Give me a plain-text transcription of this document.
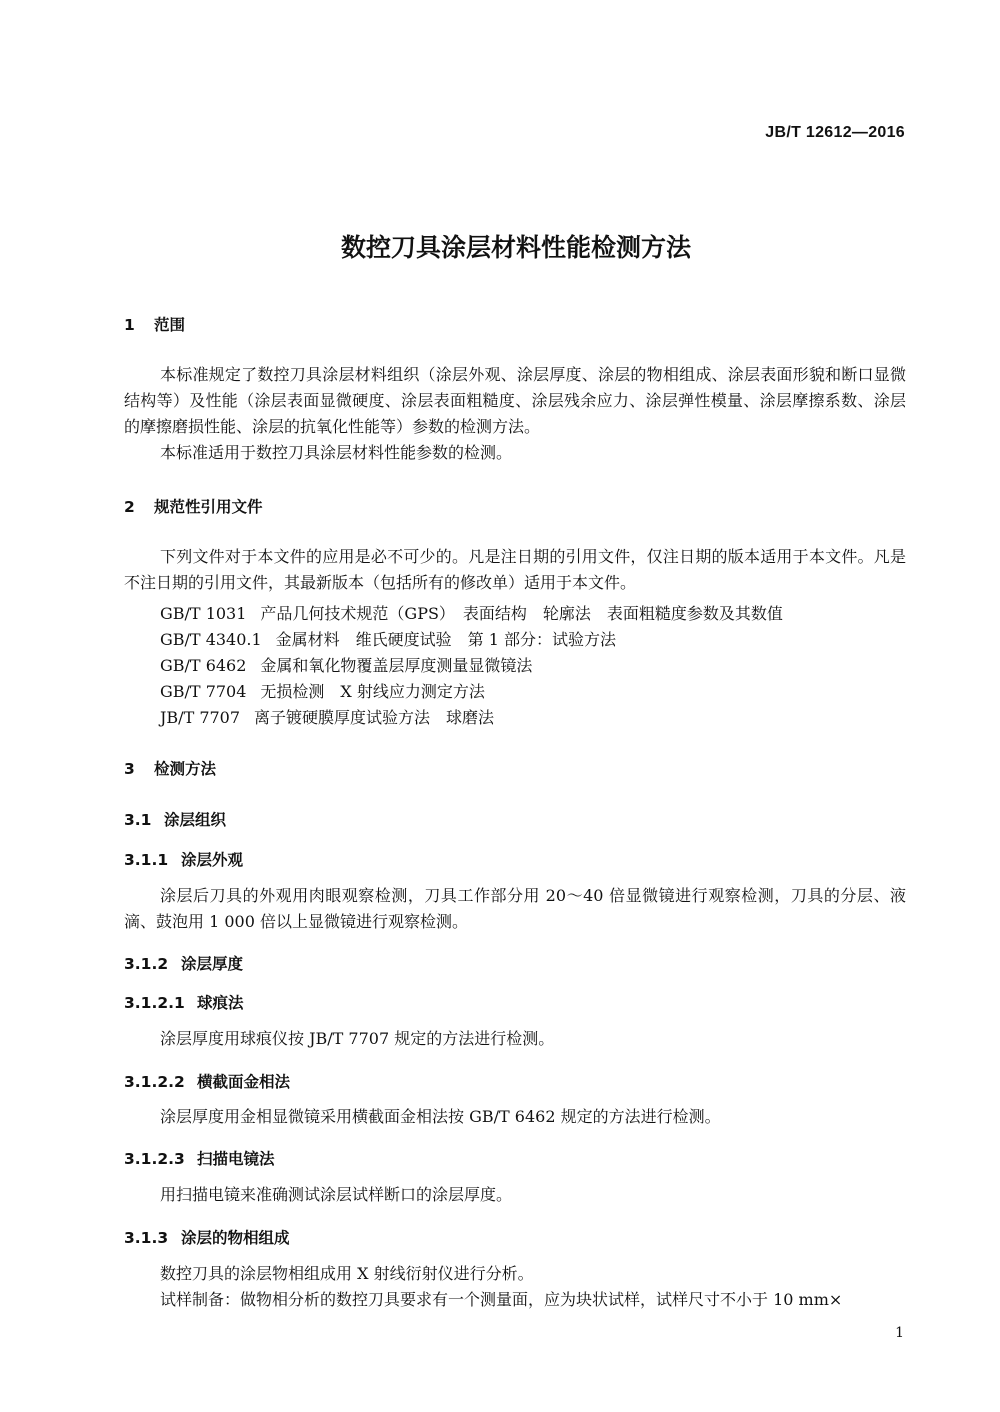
JB/T 12612—2016
数控刀具涂层材料性能检测方法
1 范围
本标准规定了数控刀具涂层材料组织（涂层外观、涂层厚度、涂层的物相组成、涂层表面形貌和断口显微结构等）及性能（涂层表面显微硬度、涂层表面粗糙度、涂层残余应力、涂层弹性模量、涂层摩擦系数、涂层的摩擦磨损性能、涂层的抗氧化性能等）参数的检测方法。
本标准适用于数控刀具涂层材料性能参数的检测。
2 规范性引用文件
下列文件对于本文件的应用是必不可少的。凡是注日期的引用文件，仅注日期的版本适用于本文件。凡是不注日期的引用文件，其最新版本（包括所有的修改单）适用于本文件。
GB/T 1031 产品几何技术规范（GPS）　表面结构　轮廓法　表面粗糙度参数及其数值
GB/T 4340.1 金属材料　维氏硬度试验　第 1 部分：试验方法
GB/T 6462 金属和氧化物覆盖层厚度测量显微镜法
GB/T 7704 无损检测　X 射线应力测定方法
JB/T 7707 离子镀硬膜厚度试验方法　球磨法
3 检测方法
3.1 涂层组织
3.1.1 涂层外观
涂层后刀具的外观用肉眼观察检测，刀具工作部分用 20～40 倍显微镜进行观察检测，刀具的分层、液滴、鼓泡用 1 000 倍以上显微镜进行观察检测。
3.1.2 涂层厚度
3.1.2.1 球痕法
涂层厚度用球痕仪按 JB/T 7707 规定的方法进行检测。
3.1.2.2 横截面金相法
涂层厚度用金相显微镜采用横截面金相法按 GB/T 6462 规定的方法进行检测。
3.1.2.3 扫描电镜法
用扫描电镜来准确测试涂层试样断口的涂层厚度。
3.1.3 涂层的物相组成
数控刀具的涂层物相组成用 X 射线衍射仪进行分析。
试样制备：做物相分析的数控刀具要求有一个测量面，应为块状试样，试样尺寸不小于 10 mm×
1
